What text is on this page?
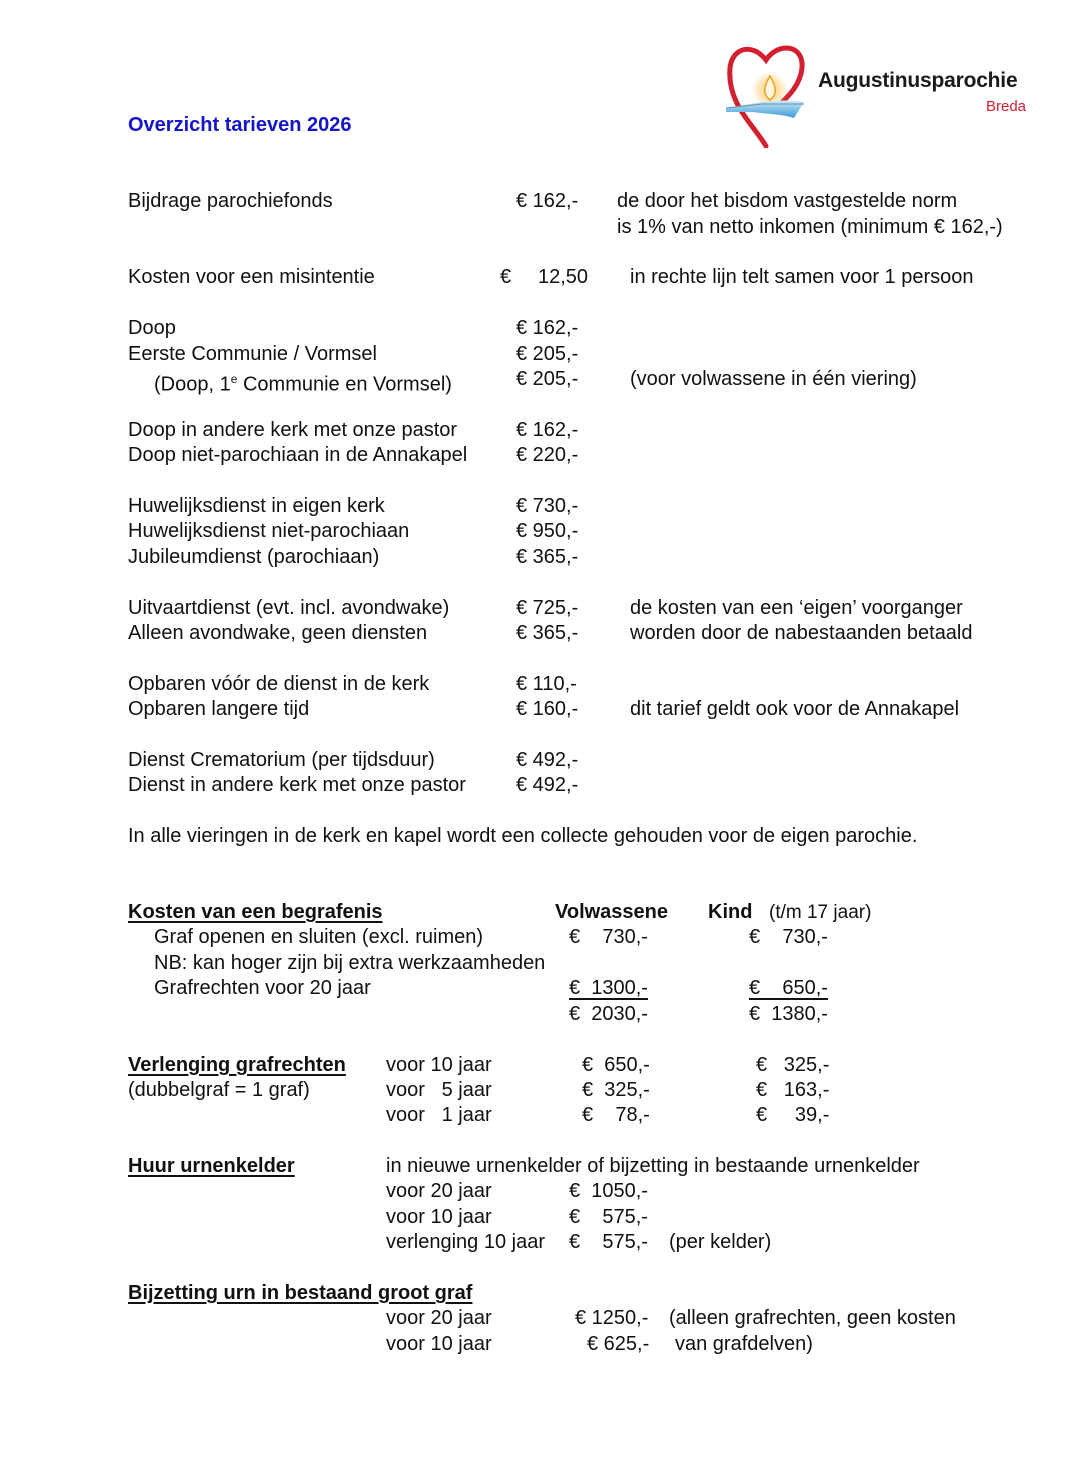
Augustinusparochie
Breda
Overzicht tarieven 2026
Bijdrage parochiefonds	€ 162,- de door het bisdom vastgestelde norm
is 1% van netto inkomen (minimum € 162,-)
Kosten voor een misintentie	€ 12,50 in rechte lijn telt samen voor 1 persoon
Doop	€ 162,-
Eerste Communie / Vormsel	€ 205,-
(Doop, 1e Communie en Vormsel)	€ 205,-	(voor volwassene in één viering)
Doop in andere kerk met onze pastor	€ 162,-
Doop niet-parochiaan in de Annakapel € 220,-
Huwelijksdienst in eigen kerk	€ 730,-
Huwelijksdienst niet-parochiaan	€ 950,-
Jubileumdienst (parochiaan)	€ 365,-
Uitvaartdienst (evt. incl. avondwake)	€ 725,-	de kosten van een ‘eigen’ voorganger
Alleen avondwake, geen diensten	€ 365,-	worden door de nabestaanden betaald
Opbaren vóór de dienst in de kerk	€ 110,-
Opbaren langere tijd	€ 160,-	dit tarief geldt ook voor de Annakapel
Dienst Crematorium (per tijdsduur)	€ 492,-
Dienst in andere kerk met onze pastor	€ 492,-
In alle vieringen in de kerk en kapel wordt een collecte gehouden voor de eigen parochie.
Kosten van een begrafenis	Volwassene Kind (t/m 17 jaar)
Graf openen en sluiten (excl. ruimen)	€    730,-	€    730,-
NB: kan hoger zijn bij extra werkzaamheden
Grafrechten voor 20 jaar	€  1300,-	€    650,-
€  2030,-	€  1380,-
Verlenging grafrechten
(dubbelgraf = 1 graf)
voor 10 jaar	€  650,-	€   325,-
voor   5 jaar	€  325,-	€   163,-
voor   1 jaar	€    78,-	€     39,-
Huur urnenkelder	in nieuwe urnenkelder of bijzetting in bestaande urnenkelder
voor 20 jaar	€  1050,-
voor 10 jaar	€    575,-
verlenging 10 jaar €    575,- (per kelder)
Bijzetting urn in bestaand groot graf
voor 20 jaar	€ 1250,- (alleen grafrechten, geen kosten
voor 10 jaar	€ 625,- van grafdelven)
